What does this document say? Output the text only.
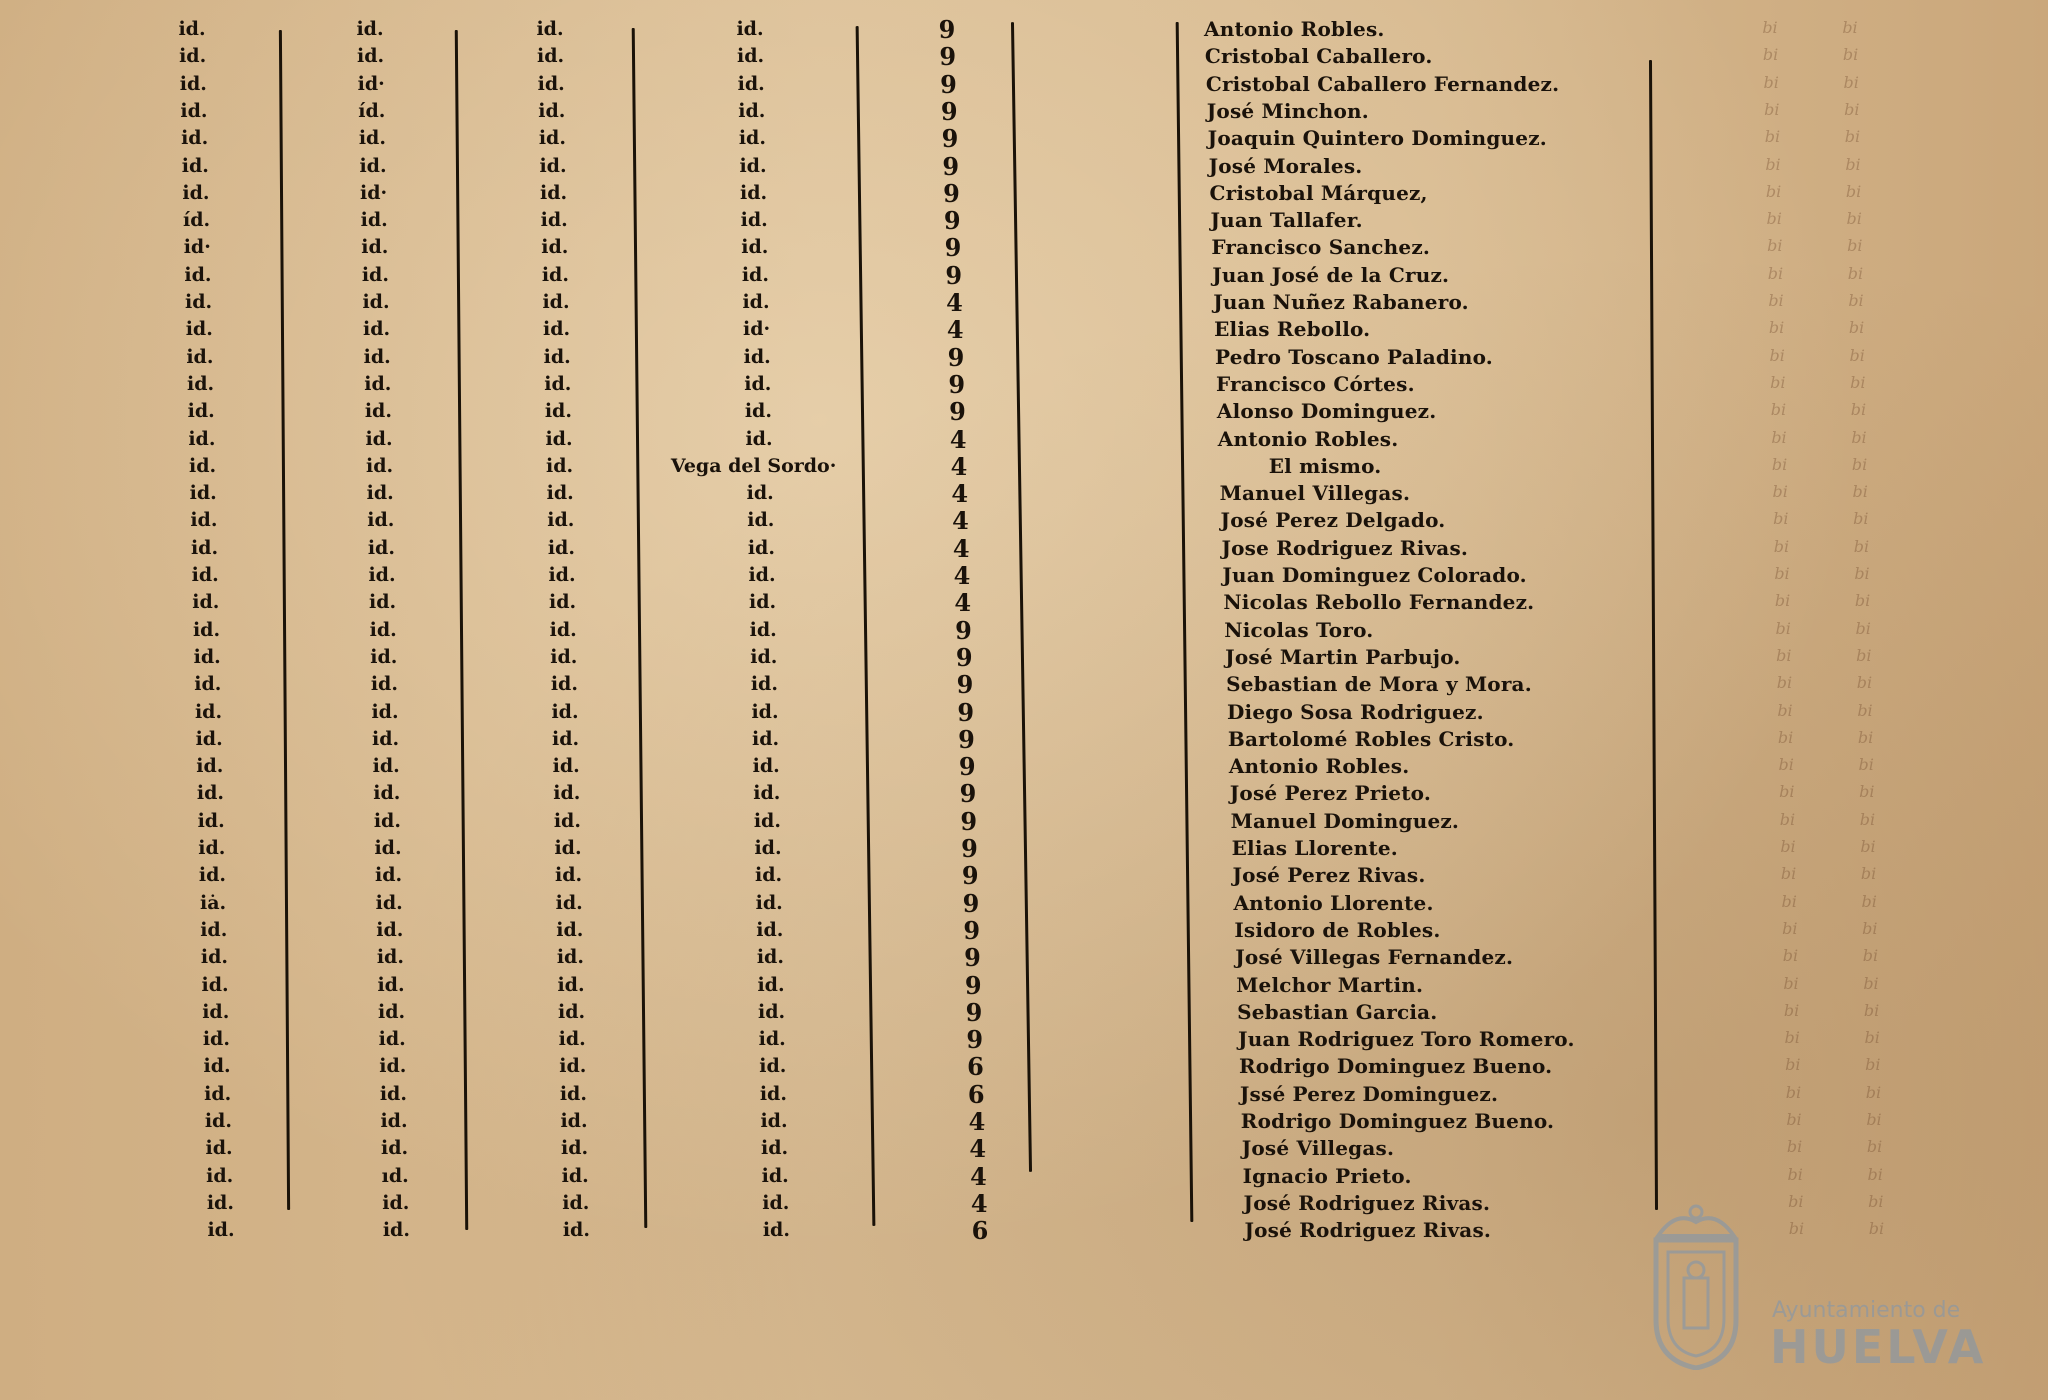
id.	id.	id.	id.	9	Antonio Robles.
id.	id.	id.	id.	9	Cristobal Caballero.
id.	id·	id.	id.	9	Cristobal Caballero Fernandez.
id.	íd.	id.	id.	9	José Minchon.
id.	id.	id.	id.	9	Joaquin Quintero Dominguez.
id.	id.	id.	id.	9	José Morales.
id.	id·	id.	id.	9	Cristobal Márquez,
íd.	id.	id.	id.	9	Juan Tallafer.
id·	id.	id.	id.	9	Francisco Sanchez.
id.	id.	id.	id.	9	Juan José de la Cruz.
id.	id.	id.	id.	4	Juan Nuñez Rabanero.
id.	id.	id.	id·	4	Elias Rebollo.
id.	id.	id.	id.	9	Pedro Toscano Paladino.
id.	id.	id.	id.	9	Francisco Córtes.
id.	id.	id.	id.	9	Alonso Dominguez.
id.	id.	id.	id.	4	Antonio Robles.
id.	id.	id.	Vega del Sordo·	4	El mismo.
id.	id.	id.	id.	4	Manuel Villegas.
id.	id.	id.	id.	4	José Perez Delgado.
id.	id.	id.	id.	4	Jose Rodriguez Rivas.
id.	id.	id.	id.	4	Juan Dominguez Colorado.
id.	id.	id.	id.	4	Nicolas Rebollo Fernandez.
id.	id.	id.	id.	9	Nicolas Toro.
id.	id.	id.	id.	9	José Martin Parbujo.
id.	id.	id.	id.	9	Sebastian de Mora y Mora.
id.	id.	id.	id.	9	Diego Sosa Rodriguez.
id.	id.	id.	id.	9	Bartolomé Robles Cristo.
id.	id.	id.	id.	9	Antonio Robles.
id.	id.	id.	id.	9	José Perez Prieto.
id.	id.	id.	id.	9	Manuel Dominguez.
id.	id.	id.	id.	9	Elias Llorente.
id.	id.	id.	id.	9	José Perez Rivas.
iȧ.	id.	id.	id.	9	Antonio Llorente.
id.	id.	id.	id.	9	Isidoro de Robles.
id.	id.	id.	id.	9	José Villegas Fernandez.
id.	id.	id.	id.	9	Melchor Martin.
id.	id.	id.	id.	9	Sebastian Garcia.
id.	id.	id.	id.	9	Juan Rodriguez Toro Romero.
id.	id.	id.	id.	6	Rodrigo Dominguez Bueno.
id.	id.	id.	id.	6	Jssé Perez Dominguez.
id.	id.	id.	id.	4	Rodrigo Dominguez Bueno.
id.	id.	id.	id.	4	José Villegas.
id.	ıd.	id.	id.	4	Ignacio Prieto.
id.	id.	id.	id.	4	José Rodriguez Rivas.
id.	id.	id.	id.	6	José Rodriguez Rivas.
bi	bi
bi	bi
bi	bi
bi	bi
bi	bi
bi	bi
bi	bi
bi	bi
bi	bi
bi	bi
bi	bi
bi	bi
bi	bi
bi	bi
bi	bi
bi	bi
bi	bi
bi	bi
bi	bi
bi	bi
bi	bi
bi	bi
bi	bi
bi	bi
bi	bi
bi	bi
bi	bi
bi	bi
bi	bi
bi	bi
bi	bi
bi	bi
bi	bi
bi	bi
bi	bi
bi	bi
bi	bi
bi	bi
bi	bi
bi	bi
bi	bi
bi	bi
bi	bi
bi	bi
bi	bi
Ayuntamiento de
HUELVA
